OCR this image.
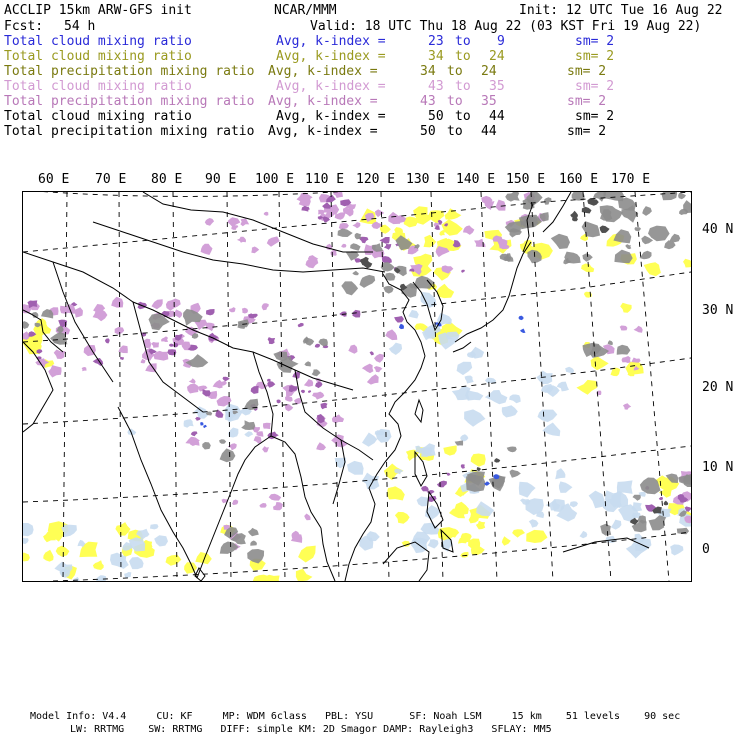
ACCLIP 15km ARW-GFS init	NCAR/MMM	Init: 12 UTC Tue 16 Aug 22
Fcst: 54 h	Valid: 18 UTC Thu 18 Aug 22 (03 KST Fri 19 Aug 22)
Total cloud mixing ratio	Avg, k-index =	23 to 9	sm= 2
Total cloud mixing ratio	Avg, k-index =	34 to 24	sm= 2
Total precipitation mixing ratio Avg, k-index =	34 to 24	sm= 2
Total cloud mixing ratio	Avg, k-index =	43 to 35	sm= 2
Total precipitation mixing ratio Avg, k-index =	43 to 35	sm= 2
Total cloud mixing ratio	Avg, k-index =	50 to 44	sm= 2
Total precipitation mixing ratio Avg, k-index =	50 to 44	sm= 2
60 E 70 E 80 E 90 E 100 E 110 E 120 E 130 E 140 E 150 E 160 E 170 E
40 N
30 N
20 N
10 N
0
Model Info: V4.4     CU: KF     MP: WDM 6class   PBL: YSU      SF: Noah LSM     15 km    51 levels    90 sec
LW: RRTMG    SW: RRTMG   DIFF: simple KM: 2D Smagor DAMP: Rayleigh3   SFLAY: MM5
